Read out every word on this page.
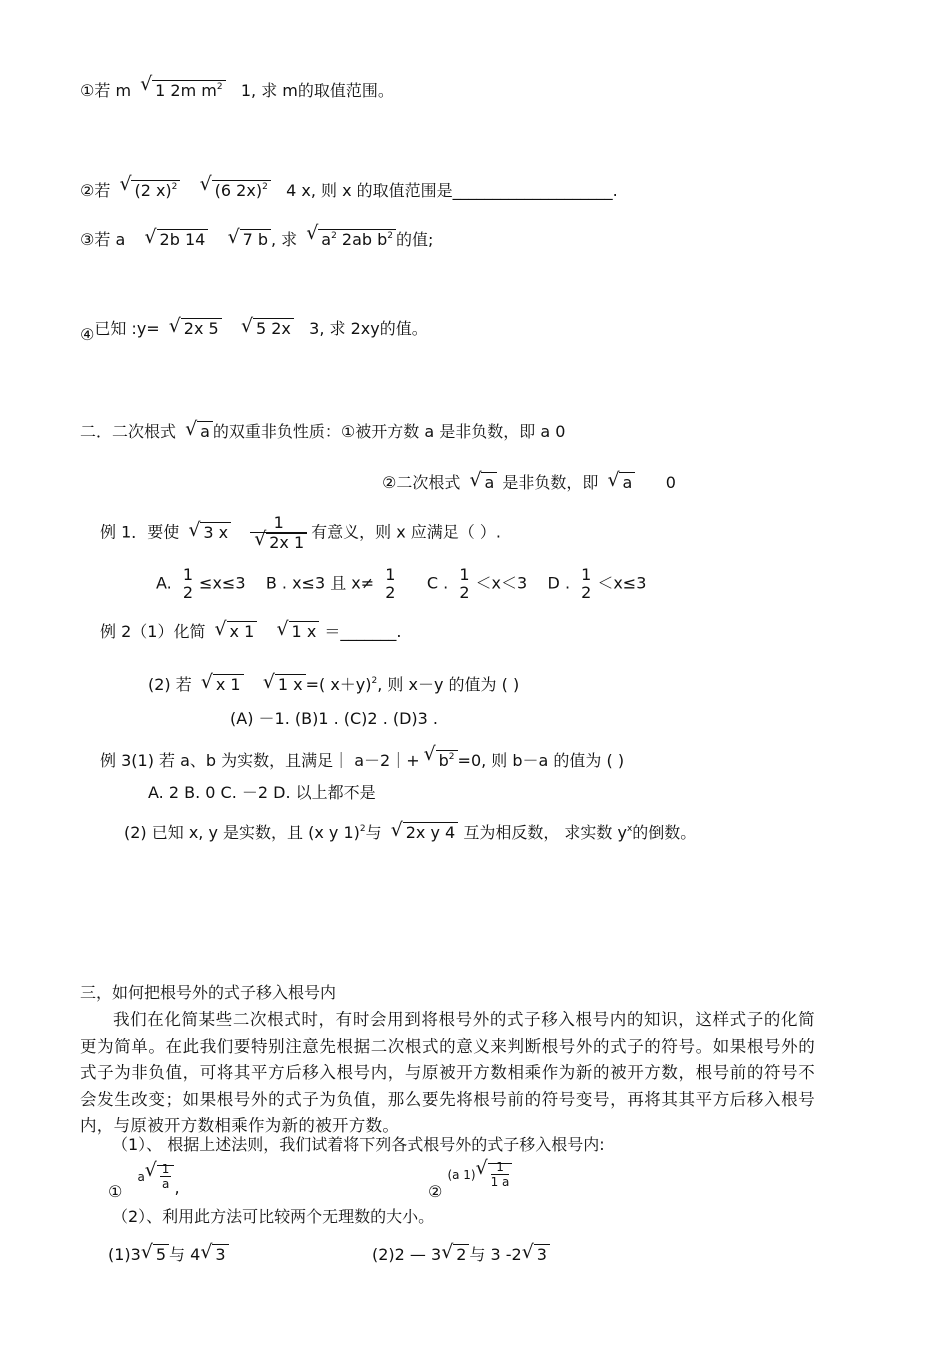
①若 m √ 1 2m $m^2$ 1, 求 m的取值范围。
②若 √ (2 x)$^2$ √ (6 2x)$^2$ 4 x, 则 x 的取值范围是____________________.
③若 a √ 2b 14 √ 7 b , 求 √ $a^2$ 2ab $b^2$ 的值;
④已知 :y= √ 2x 5 √ 5 2x 3, 求 2xy的值。
二．二次根式 √ a 的双重非负性质：①被开方数 a 是非负数，即 a 0
②二次根式 √ a 是非负数，即 √ a 0
例 1．要使 √ 3 x 1
√ 2x 1 有意义，则 x 应满足（ ）.
A. 1
2 ≤x≤3 B . x≤3 且 x≠ 1
2 C . 1
2 ＜x＜3 D . 1
2 ＜x≤3
例 2（1）化简 √ x 1 √ 1 x ＝_______.
(2) 若 √ x 1 √ 1 x =( x＋y)$^2$, 则 x－y 的值为 ( )
(A) －1. (B)1 . (C)2 . (D)3 .
例 3(1) 若 a、b 为实数，且满足｜ a－2｜+√ $b^2 =0$, 则 b－a 的值为 ( )
A. 2 B. 0 C. －2 D. 以上都不是
(2) 已知 x, y 是实数，且 (x y 1)$^2$与 √ 2x y 4 互为相反数， 求实数 $y^x$的倒数。
三，如何把根号外的式子移入根号内
我们在化简某些二次根式时，有时会用到将根号外的式子移入根号内的知识，这样式子的化简更为简单。在此我们要特别注意先根据二次根式的意义来判断根号外的式子的符号。如果根号外的式子为非负值，可将其平方后移入根号内，与原被开方数相乘作为新的被开方数，根号前的符号不会发生改变；如果根号外的式子为负值，那么要先将根号前的符号变号，再将其其平方后移入根号内，与原被开方数相乘作为新的被开方数。
（1）、 根据上述法则，我们试着将下列各式根号外的式子移入根号内:
① a √ $\frac{1}{a}$ ,	② (a 1) √ $\frac{1}{1 a}$
（2）、利用此方法可比较两个无理数的大小。
(1)3 √ 5 与 4 √ 3	(2)2 — 3 √ 2 与 3 -2 √ 3
